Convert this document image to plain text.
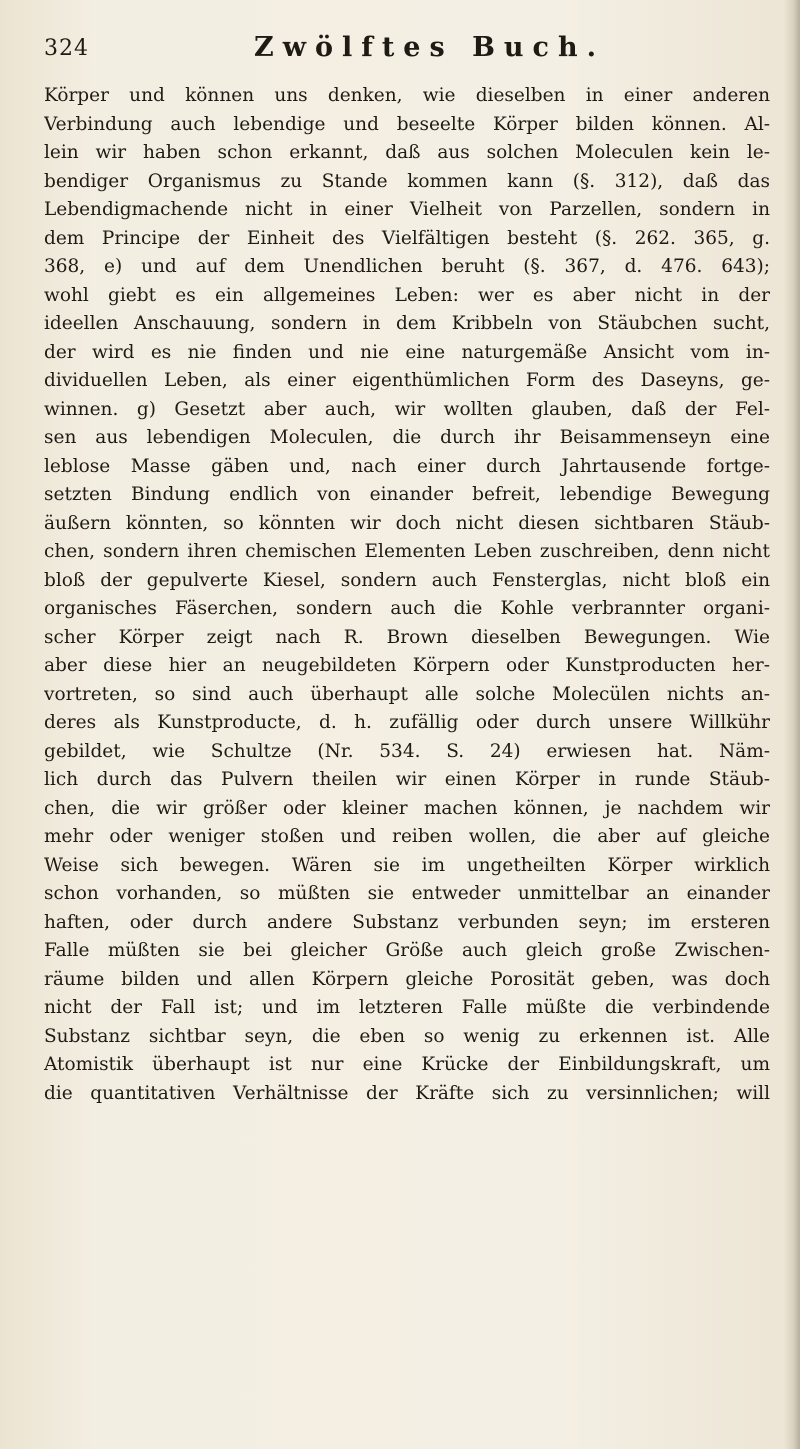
324	Zwölftes Buch.
Körper und können uns denken, wie dieselben in einer anderen
Verbindung auch lebendige und beseelte Körper bilden können. Al-
lein wir haben schon erkannt, daß aus solchen Moleculen kein le-
bendiger Organismus zu Stande kommen kann (§. 312), daß das
Lebendigmachende nicht in einer Vielheit von Parzellen, sondern in
dem Principe der Einheit des Vielfältigen besteht (§. 262. 365, g.
368, e) und auf dem Unendlichen beruht (§. 367, d. 476. 643);
wohl giebt es ein allgemeines Leben: wer es aber nicht in der
ideellen Anschauung, sondern in dem Kribbeln von Stäubchen sucht,
der wird es nie finden und nie eine naturgemäße Ansicht vom in-
dividuellen Leben, als einer eigenthümlichen Form des Daseyns, ge-
winnen. g) Gesetzt aber auch, wir wollten glauben, daß der Fel-
sen aus lebendigen Moleculen, die durch ihr Beisammenseyn eine
leblose Masse gäben und, nach einer durch Jahrtausende fortge-
setzten Bindung endlich von einander befreit, lebendige Bewegung
äußern könnten, so könnten wir doch nicht diesen sichtbaren Stäub-
chen, sondern ihren chemischen Elementen Leben zuschreiben, denn nicht
bloß der gepulverte Kiesel, sondern auch Fensterglas, nicht bloß ein
organisches Fäserchen, sondern auch die Kohle verbrannter organi-
scher Körper zeigt nach R. Brown dieselben Bewegungen. Wie
aber diese hier an neugebildeten Körpern oder Kunstproducten her-
vortreten, so sind auch überhaupt alle solche Molecülen nichts an-
deres als Kunstproducte, d. h. zufällig oder durch unsere Willkühr
gebildet, wie Schultze (Nr. 534. S. 24) erwiesen hat. Näm-
lich durch das Pulvern theilen wir einen Körper in runde Stäub-
chen, die wir größer oder kleiner machen können, je nachdem wir
mehr oder weniger stoßen und reiben wollen, die aber auf gleiche
Weise sich bewegen. Wären sie im ungetheilten Körper wirklich
schon vorhanden, so müßten sie entweder unmittelbar an einander
haften, oder durch andere Substanz verbunden seyn; im ersteren
Falle müßten sie bei gleicher Größe auch gleich große Zwischen-
räume bilden und allen Körpern gleiche Porosität geben, was doch
nicht der Fall ist; und im letzteren Falle müßte die verbindende
Substanz sichtbar seyn, die eben so wenig zu erkennen ist. Alle
Atomistik überhaupt ist nur eine Krücke der Einbildungskraft, um
die quantitativen Verhältnisse der Kräfte sich zu versinnlichen; will
